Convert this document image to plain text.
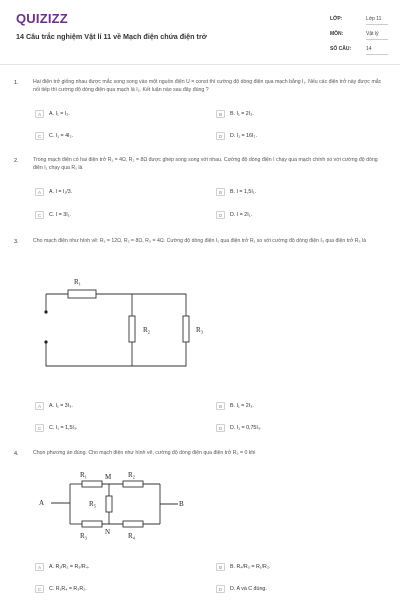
QUIZIZZ
14 Câu trắc nghiệm Vật lí 11 về Mạch điện chứa điện trở
LỚP:	Lớp 11
MÔN:	Vật lý
SỐ CÂU:	14
1.	Hai điện trở giống nhau được mắc song song vào một nguồn điện U = const thì cường độ dòng điện qua mạch bằng I₁. Nếu các điện trở này được mắc nối tiếp thì cường độ dòng điện qua mạch là I₂. Kết luận nào sau đây đúng ?
A	A. I₁ = I₂.	B	B. I₁ = 2I₂.
C	C. I₁ = 4I₂.	D	D. I₁ = 16I₂.
2.	Trong mạch điện có hai điện trở R₁ = 4Ω, R₂ = 8Ω được ghép song song với nhau. Cường độ dòng điện I chạy qua mạch chính so với cường độ dòng điện I₁ chạy qua R₁ là
A	A. I = I₁/3.	B	B. I = 1,5I₁.
C	C. I = 3I₁.	D	D. I = 2I₁.
3.	Cho mạch điện như hình vẽ: R₁ = 12Ω, R₂ = 8Ω, R₃ = 4Ω. Cường độ dòng điện I₁ qua điện trở R₁ so với cường độ dòng điện I₃ qua điện trở R₃ là
R₁
R₂	R₃
A	A. I₁ = 3I₃.	B	B. I₁ = 2I₃.
C	C. I₁ = 1,5I₃.	D	D. I₁ = 0,75I₃.
4.	Chọn phương án đúng. Cho mạch điện như hình vẽ, cường độ dòng điện qua điện trở R₅ = 0 khi
A	B
M
N
R₁	R₂
R₅
R₃	R₄
A	A. R₁/R₂ = R₃/R₄.	B	B. R₄/R₃ = R₁/R₂.
C	C. R₁R₄ = R₃R₂.	D	D. A và C đúng.
